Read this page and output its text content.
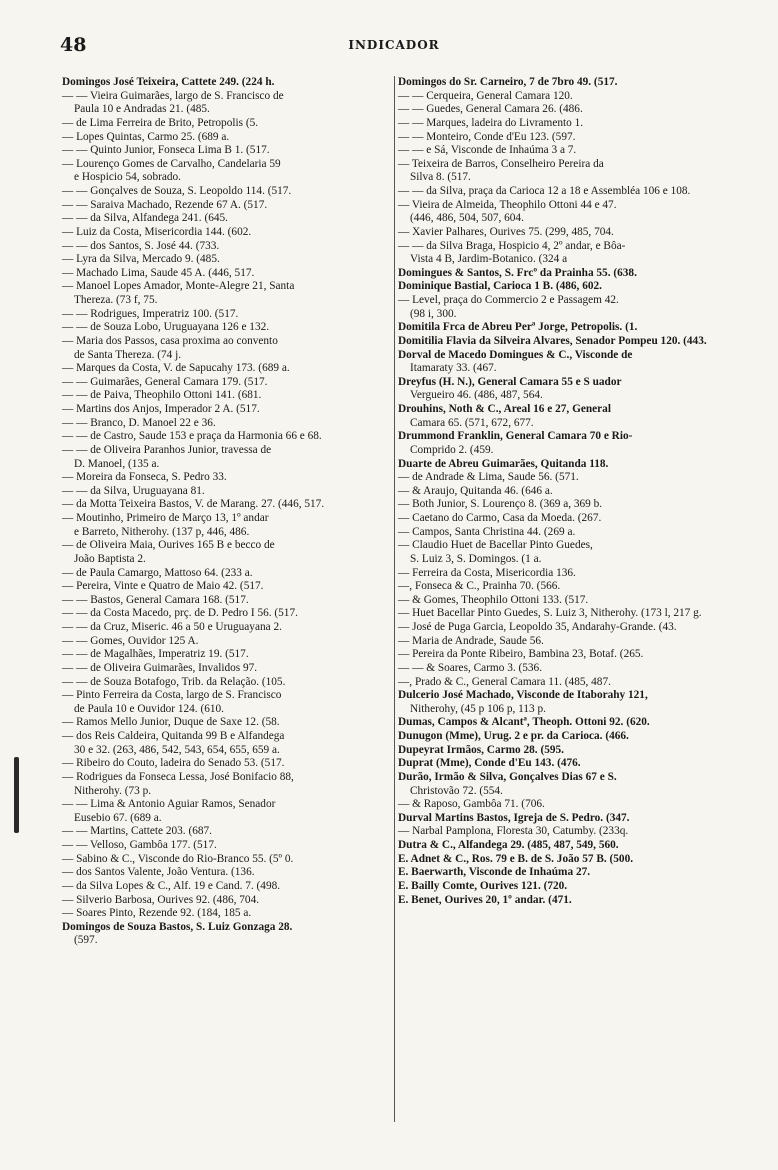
48	INDICADOR
Domingos José Teixeira, Cattete 249. (224 h.
— — Vieira Guimarães, largo de S. Francisco de
Paula 10 e Andradas 21. (485.
— de Lima Ferreira de Brito, Petropolis (5.
— Lopes Quintas, Carmo 25. (689 a.
— — Quinto Junior, Fonseca Lima B 1. (517.
— Lourenço Gomes de Carvalho, Candelaria 59
e Hospicio 54, sobrado.
— — Gonçalves de Souza, S. Leopoldo 114. (517.
— — Saraiva Machado, Rezende 67 A. (517.
— — da Silva, Alfandega 241. (645.
— Luiz da Costa, Misericordia 144. (602.
— — dos Santos, S. José 44. (733.
— Lyra da Silva, Mercado 9. (485.
— Machado Lima, Saude 45 A. (446, 517.
— Manoel Lopes Amador, Monte-Alegre 21, Santa
Thereza. (73 f, 75.
— — Rodrigues, Imperatriz 100. (517.
— — de Souza Lobo, Uruguayana 126 e 132.
— Maria dos Passos, casa proxima ao convento
de Santa Thereza. (74 j.
— Marques da Costa, V. de Sapucahy 173. (689 a.
— — Guimarães, General Camara 179. (517.
— — de Paiva, Theophilo Ottoni 141. (681.
— Martins dos Anjos, Imperador 2 A. (517.
— — Branco, D. Manoel 22 e 36.
— — de Castro, Saude 153 e praça da Harmonia 66 e 68.
— — de Oliveira Paranhos Junior, travessa de
D. Manoel, (135 a.
— Moreira da Fonseca, S. Pedro 33.
— — da Silva, Uruguayana 81.
— da Motta Teixeira Bastos, V. de Marang. 27. (446, 517.
— Moutinho, Primeiro de Março 13, 1º andar
e Barreto, Nitherohy. (137 p, 446, 486.
— de Oliveira Maia, Ourives 165 B e becco de
João Baptista 2.
— de Paula Camargo, Mattoso 64. (233 a.
— Pereira, Vinte e Quatro de Maio 42. (517.
— — Bastos, General Camara 168. (517.
— — da Costa Macedo, prç. de D. Pedro I 56. (517.
— — da Cruz, Miseric. 46 a 50 e Uruguayana 2.
— — Gomes, Ouvidor 125 A.
— — de Magalhães, Imperatriz 19. (517.
— — de Oliveira Guimarães, Invalidos 97.
— — de Souza Botafogo, Trib. da Relação. (105.
— Pinto Ferreira da Costa, largo de S. Francisco
de Paula 10 e Ouvidor 124. (610.
— Ramos Mello Junior, Duque de Saxe 12. (58.
— dos Reis Caldeira, Quitanda 99 B e Alfandega
30 e 32. (263, 486, 542, 543, 654, 655, 659 a.
— Ribeiro do Couto, ladeira do Senado 53. (517.
— Rodrigues da Fonseca Lessa, José Bonifacio 88,
Nitherohy. (73 p.
— — Lima & Antonio Aguiar Ramos, Senador
Eusebio 67. (689 a.
— — Martins, Cattete 203. (687.
— — Velloso, Gambôa 177. (517.
— Sabino & C., Visconde do Rio-Branco 55. (5º 0.
— dos Santos Valente, João Ventura. (136.
— da Silva Lopes & C., Alf. 19 e Cand. 7. (498.
— Silverio Barbosa, Ourives 92. (486, 704.
— Soares Pinto, Rezende 92. (184, 185 a.
Domingos de Souza Bastos, S. Luiz Gonzaga 28.
(597.
Domingos do Sr. Carneiro, 7 de 7bro 49. (517.
— — Cerqueira, General Camara 120.
— — Guedes, General Camara 26. (486.
— — Marques, ladeira do Livramento 1.
— — Monteiro, Conde d'Eu 123. (597.
— — e Sá, Visconde de Inhaúma 3 a 7.
— Teixeira de Barros, Conselheiro Pereira da
Silva 8. (517.
— — da Silva, praça da Carioca 12 a 18 e Assembléa 106 e 108.
— Vieira de Almeida, Theophilo Ottoni 44 e 47.
(446, 486, 504, 507, 604.
— Xavier Palhares, Ourives 75. (299, 485, 704.
— — da Silva Braga, Hospicio 4, 2º andar, e Bôa-
Vista 4 B, Jardim-Botanico. (324 a
Domingues & Santos, S. Frcº da Prainha 55. (638.
Dominique Bastial, Carioca 1 B. (486, 602.
— Level, praça do Commercio 2 e Passagem 42.
(98 i, 300.
Domitila Frca de Abreu Perª Jorge, Petropolis. (1.
Domitilia Flavia da Silveira Alvares, Senador Pompeu 120. (443.
Dorval de Macedo Domingues & C., Visconde de
Itamaraty 33. (467.
Dreyfus (H. N.), General Camara 55 e S uador
Vergueiro 46. (486, 487, 564.
Drouhins, Noth & C., Areal 16 e 27, General
Camara 65. (571, 672, 677.
Drummond Franklin, General Camara 70 e Rio-
Comprido 2. (459.
Duarte de Abreu Guimarães, Quitanda 118.
— de Andrade & Lima, Saude 56. (571.
— & Araujo, Quitanda 46. (646 a.
— Both Junior, S. Lourenço 8. (369 a, 369 b.
— Caetano do Carmo, Casa da Moeda. (267.
— Campos, Santa Christina 44. (269 a.
— Claudio Huet de Bacellar Pinto Guedes,
S. Luiz 3, S. Domingos. (1 a.
— Ferreira da Costa, Misericordia 136.
—, Fonseca & C., Prainha 70. (566.
— & Gomes, Theophilo Ottoni 133. (517.
— Huet Bacellar Pinto Guedes, S. Luiz 3, Nitherohy. (173 l, 217 g.
— José de Puga Garcia, Leopoldo 35, Andarahy-Grande. (43.
— Maria de Andrade, Saude 56.
— Pereira da Ponte Ribeiro, Bambina 23, Botaf. (265.
— — & Soares, Carmo 3. (536.
—, Prado & C., General Camara 11. (485, 487.
Dulcerio José Machado, Visconde de Itaborahy 121,
Nitherohy, (45 p 106 p, 113 p.
Dumas, Campos & Alcantª, Theoph. Ottoni 92. (620.
Dunugon (Mme), Urug. 2 e pr. da Carioca. (466.
Dupeyrat Irmãos, Carmo 28. (595.
Duprat (Mme), Conde d'Eu 143. (476.
Durão, Irmão & Silva, Gonçalves Dias 67 e S.
Christovão 72. (554.
— & Raposo, Gambôa 71. (706.
Durval Martins Bastos, Igreja de S. Pedro. (347.
— Narbal Pamplona, Floresta 30, Catumby. (233q.
Dutra & C., Alfandega 29. (485, 487, 549, 560.
E. Adnet & C., Ros. 79 e B. de S. João 57 B. (500.
E. Baerwarth, Visconde de Inhaúma 27.
E. Bailly Comte, Ourives 121. (720.
E. Benet, Ourives 20, 1º andar. (471.
